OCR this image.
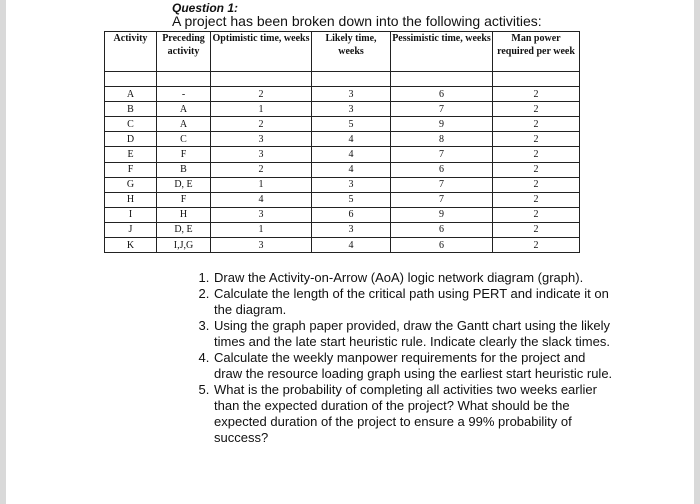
Question 1:
A project has been broken down into the following activities:
Activity	Preceding activity	Optimistic time, weeks	Likely time, weeks	Pessimistic time, weeks	Man power required per week

A	-	2	3	6	2
B	A	1	3	7	2
C	A	2	5	9	2
D	C	3	4	8	2
E	F	3	4	7	2
F	B	2	4	6	2
G	D, E	1	3	7	2
H	F	4	5	7	2
I	H	3	6	9	2
J	D, E	1	3	6	2
K	I,J,G	3	4	6	2
1. Draw the Activity-on-Arrow (AoA) logic network diagram (graph).
2. Calculate the length of the critical path using PERT and indicate it on the diagram.
3. Using the graph paper provided, draw the Gantt chart using the likely times and the late start heuristic rule. Indicate clearly the slack times.
4. Calculate the weekly manpower requirements for the project and draw the resource loading graph using the earliest start heuristic rule.
5. What is the probability of completing all activities two weeks earlier than the expected duration of the project? What should be the expected duration of the project to ensure a 99% probability of success?
